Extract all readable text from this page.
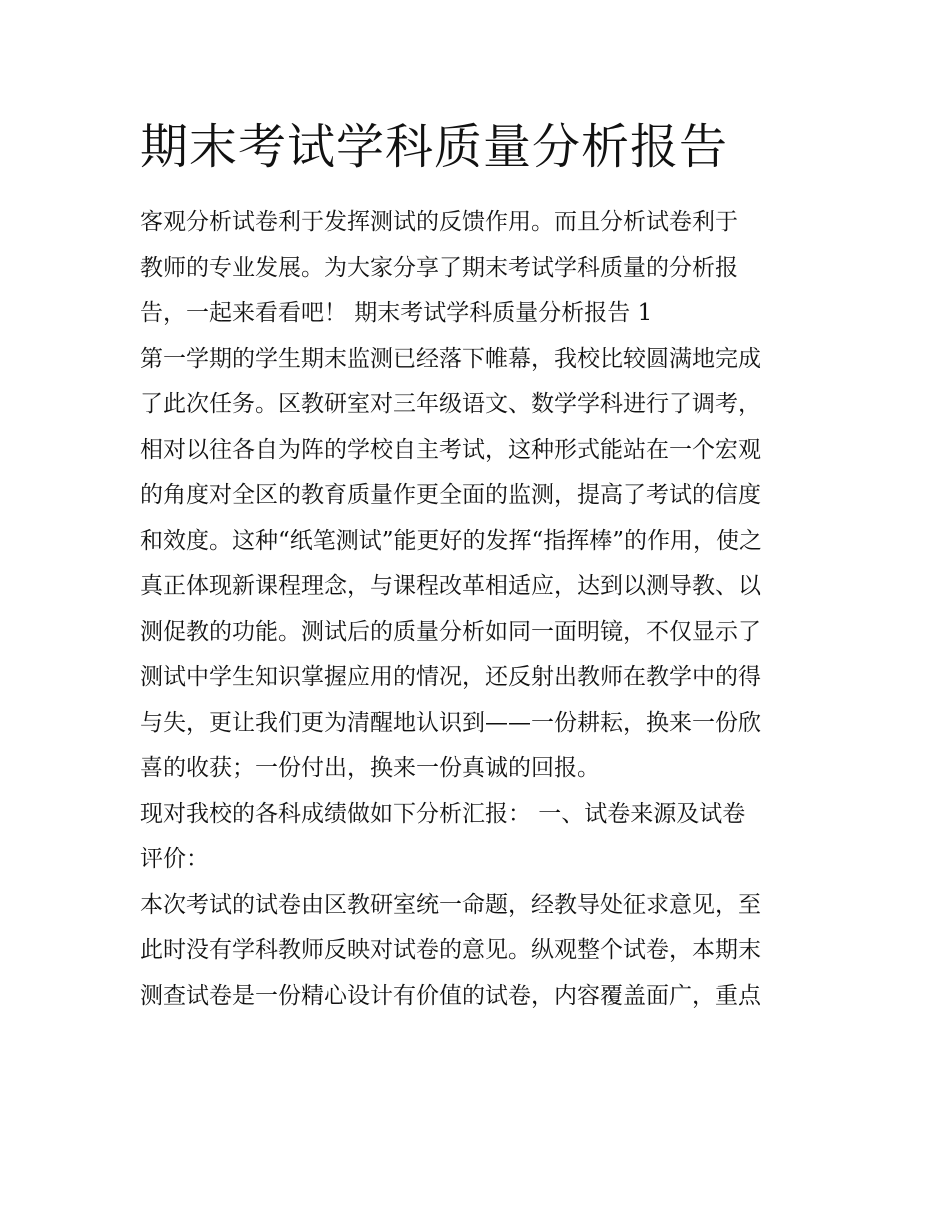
期末考试学科质量分析报告

客观分析试卷利于发挥测试的反馈作用。而且分析试卷利于
教师的专业发展。为大家分享了期末考试学科质量的分析报
告，一起来看看吧！ 期末考试学科质量分析报告 1

第一学期的学生期末监测已经落下帷幕，我校比较圆满地完成
了此次任务。区教研室对三年级语文、数学学科进行了调考，
相对以往各自为阵的学校自主考试，这种形式能站在一个宏观
的角度对全区的教育质量作更全面的监测，提高了考试的信度
和效度。这种“纸笔测试”能更好的发挥“指挥棒”的作用，使之
真正体现新课程理念，与课程改革相适应，达到以测导教、以
测促教的功能。测试后的质量分析如同一面明镜，不仅显示了
测试中学生知识掌握应用的情况，还反射出教师在教学中的得
与失，更让我们更为清醒地认识到——一份耕耘，换来一份欣
喜的收获；一份付出，换来一份真诚的回报。

现对我校的各科成绩做如下分析汇报： 一、试卷来源及试卷
评价：

本次考试的试卷由区教研室统一命题，经教导处征求意见，至
此时没有学科教师反映对试卷的意见。纵观整个试卷，本期末
测查试卷是一份精心设计有价值的试卷，内容覆盖面广，重点
